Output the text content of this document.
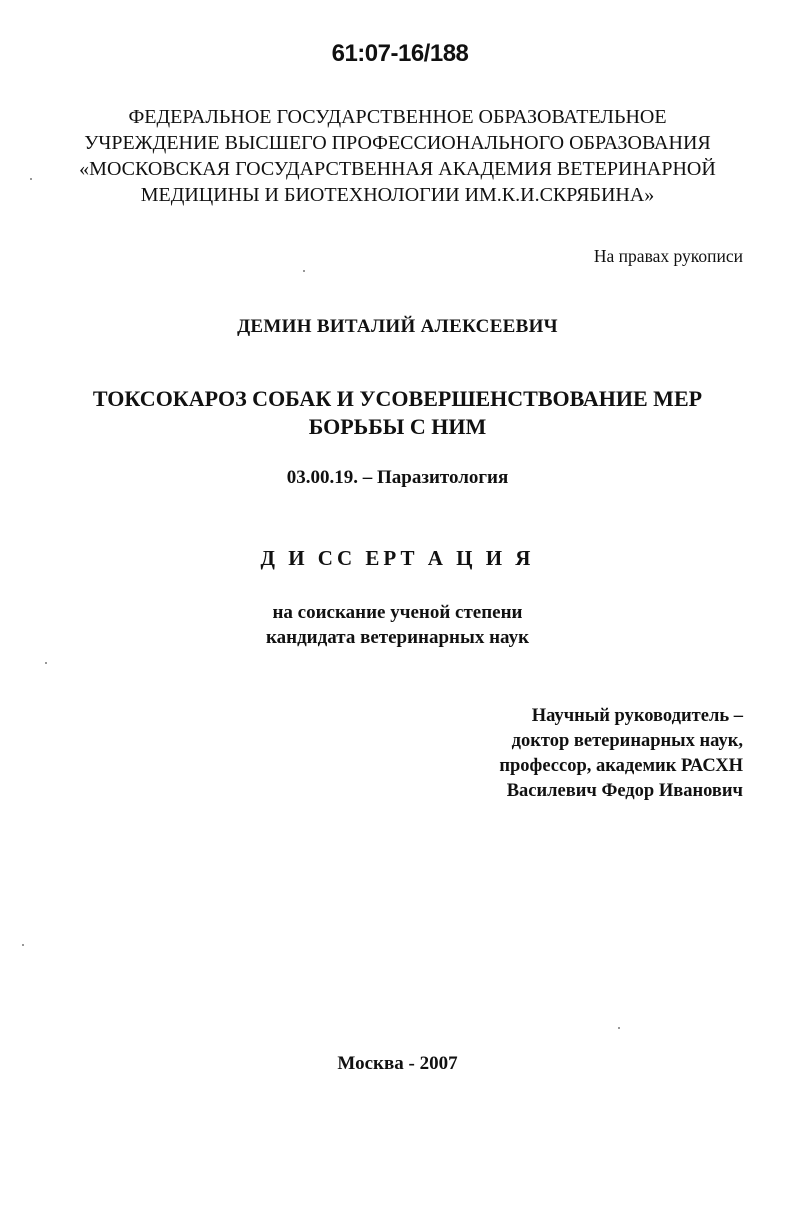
61:07-16/188
ФЕДЕРАЛЬНОЕ ГОСУДАРСТВЕННОЕ ОБРАЗОВАТЕЛЬНОЕ
УЧРЕЖДЕНИЕ ВЫСШЕГО ПРОФЕССИОНАЛЬНОГО ОБРАЗОВАНИЯ
«МОСКОВСКАЯ ГОСУДАРСТВЕННАЯ АКАДЕМИЯ ВЕТЕРИНАРНОЙ
МЕДИЦИНЫ И БИОТЕХНОЛОГИИ ИМ.К.И.СКРЯБИНА»
На правах рукописи
ДЕМИН ВИТАЛИЙ АЛЕКСЕЕВИЧ
ТОКСОКАРОЗ СОБАК И УСОВЕРШЕНСТВОВАНИЕ МЕР
БОРЬБЫ С НИМ
03.00.19. – Паразитология
Д И СС ЕРТ А Ц И Я
на соискание ученой степени
кандидата ветеринарных наук
Научный руководитель –
доктор ветеринарных наук,
профессор, академик РАСХН
Василевич Федор Иванович
Москва - 2007
